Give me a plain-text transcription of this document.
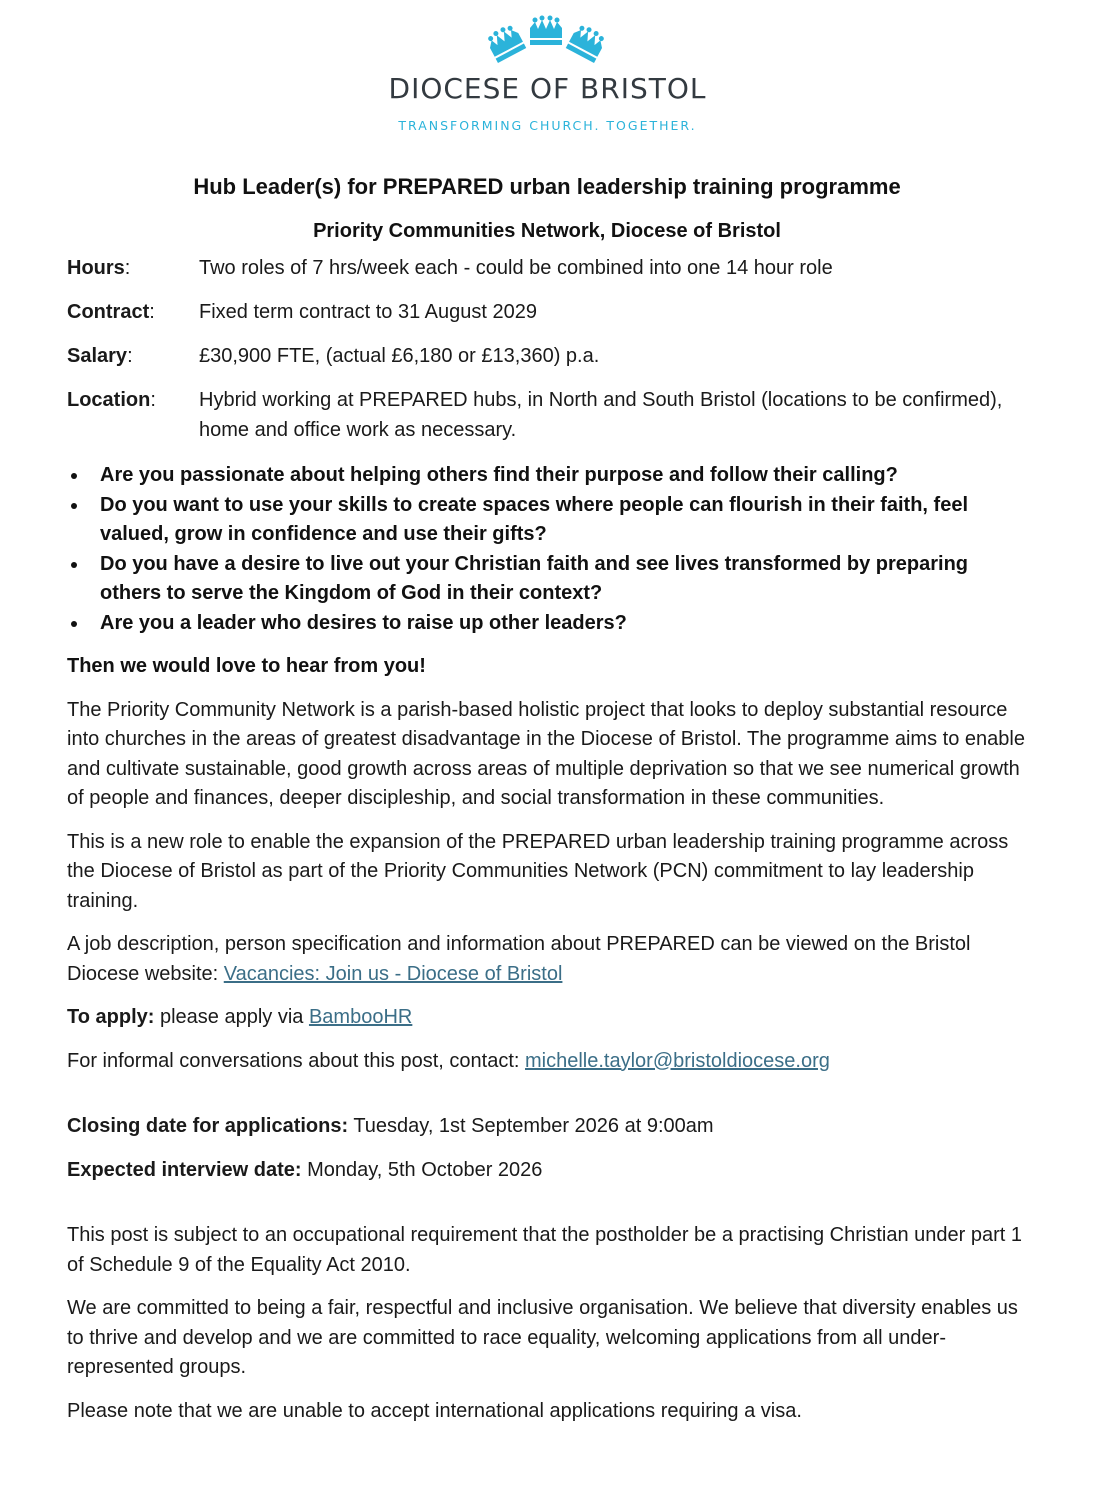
DIOCESE OF BRISTOL
TRANSFORMING CHURCH. TOGETHER.
Hub Leader(s) for PREPARED urban leadership training programme
Priority Communities Network, Diocese of Bristol
Hours:	Two roles of 7 hrs/week each - could be combined into one 14 hour role
Contract:	Fixed term contract to 31 August 2029
Salary:	£30,900 FTE, (actual £6,180 or £13,360) p.a.
Location:	Hybrid working at PREPARED hubs, in North and South Bristol (locations to be confirmed), home and office work as necessary.
Are you passionate about helping others find their purpose and follow their calling?
Do you want to use your skills to create spaces where people can flourish in their faith, feel valued, grow in confidence and use their gifts?
Do you have a desire to live out your Christian faith and see lives transformed by preparing others to serve the Kingdom of God in their context?
Are you a leader who desires to raise up other leaders?

Then we would love to hear from you!

The Priority Community Network is a parish-based holistic project that looks to deploy substantial resource into churches in the areas of greatest disadvantage in the Diocese of Bristol. The programme aims to enable and cultivate sustainable, good growth across areas of multiple deprivation so that we see numerical growth of people and finances, deeper discipleship, and social transformation in these communities.

This is a new role to enable the expansion of the PREPARED urban leadership training programme across the Diocese of Bristol as part of the Priority Communities Network (PCN) commitment to lay leadership training.

A job description, person specification and information about PREPARED can be viewed on the Bristol Diocese website: Vacancies: Join us - Diocese of Bristol

To apply: please apply via BambooHR

For informal conversations about this post, contact: michelle.taylor@bristoldiocese.org

Closing date for applications: Tuesday, 1st September 2026 at 9:00am

Expected interview date: Monday, 5th October 2026

This post is subject to an occupational requirement that the postholder be a practising Christian under part 1 of Schedule 9 of the Equality Act 2010.

We are committed to being a fair, respectful and inclusive organisation. We believe that diversity enables us to thrive and develop and we are committed to race equality, welcoming applications from all under-represented groups.

Please note that we are unable to accept international applications requiring a visa.
